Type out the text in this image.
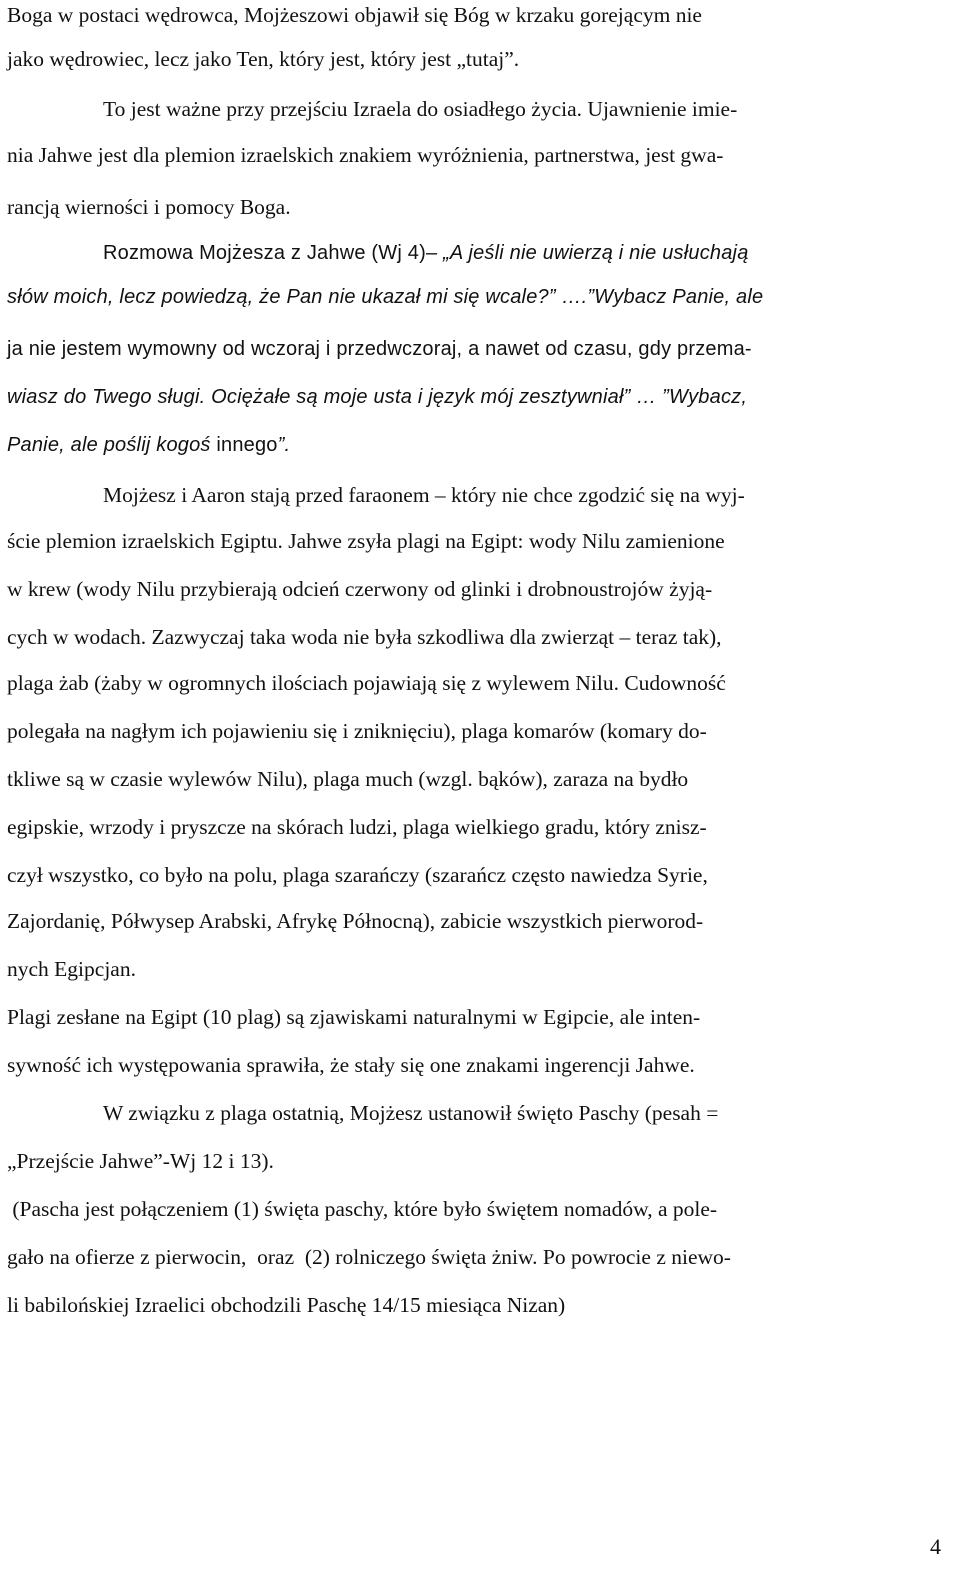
Boga w postaci wędrowca, Mojżeszowi objawił się Bóg w krzaku gorejącym nie
jako wędrowiec, lecz jako Ten, który jest, który jest „tutaj”.
To jest ważne przy przejściu Izraela do osiadłego życia. Ujawnienie imie-
nia Jahwe jest dla plemion izraelskich znakiem wyróżnienia, partnerstwa, jest gwa-
rancją wierności i pomocy Boga.
Rozmowa Mojżesza z Jahwe (Wj 4)– „A jeśli nie uwierzą i nie usłuchają
słów moich, lecz powiedzą, że Pan nie ukazał mi się wcale?” ….”Wybacz Panie, ale
ja nie jestem wymowny od wczoraj i przedwczoraj, a nawet od czasu, gdy przema-
wiasz do Twego sługi. Ociężałe są moje usta i język mój zesztywniał” … ”Wybacz,
Panie, ale poślij kogoś innego”.
Mojżesz i Aaron stają przed faraonem – który nie chce zgodzić się na wyj-
ście plemion izraelskich Egiptu. Jahwe zsyła plagi na Egipt: wody Nilu zamienione
w krew (wody Nilu przybierają odcień czerwony od glinki i drobnoustrojów żyją-
cych w wodach. Zazwyczaj taka woda nie była szkodliwa dla zwierząt – teraz tak),
plaga żab (żaby w ogromnych ilościach pojawiają się z wylewem Nilu. Cudowność
polegała na nagłym ich pojawieniu się i zniknięciu), plaga komarów (komary do-
tkliwe są w czasie wylewów Nilu), plaga much (wzgl. bąków), zaraza na bydło
egipskie, wrzody i pryszcze na skórach ludzi, plaga wielkiego gradu, który znisz-
czył wszystko, co było na polu, plaga szarańczy (szarańcz często nawiedza Syrie,
Zajordanię, Półwysep Arabski, Afrykę Północną), zabicie wszystkich pierworod-
nych Egipcjan.
Plagi zesłane na Egipt (10 plag) są zjawiskami naturalnymi w Egipcie, ale inten-
sywność ich występowania sprawiła, że stały się one znakami ingerencji Jahwe.
W związku z plaga ostatnią, Mojżesz ustanowił święto Paschy (pesah =
„Przejście Jahwe”-Wj 12 i 13).
(Pascha jest połączeniem (1) święta paschy, które było świętem nomadów, a pole-
gało na ofierze z pierwocin,  oraz  (2) rolniczego święta żniw. Po powrocie z niewo-
li babilońskiej Izraelici obchodzili Paschę 14/15 miesiąca Nizan)
4
